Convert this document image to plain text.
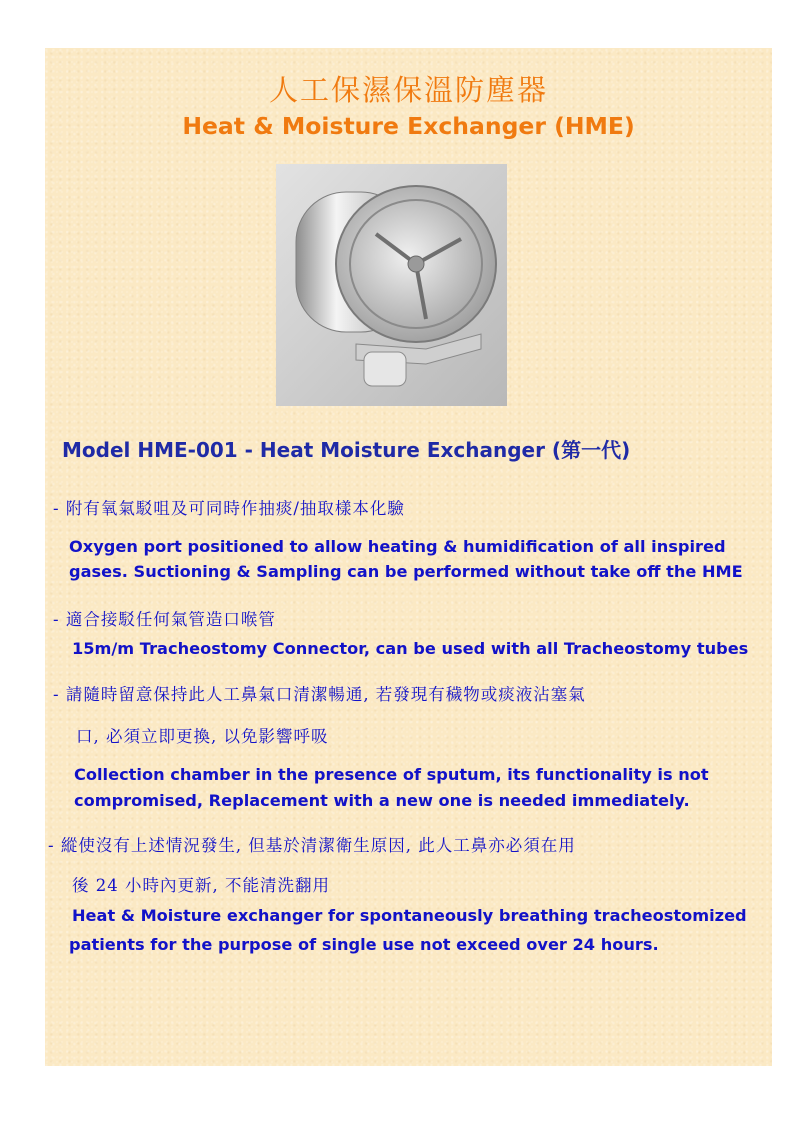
人工保濕保溫防塵器
Heat & Moisture Exchanger (HME)
Model HME-001 - Heat Moisture Exchanger (第一代)
- 附有氧氣駁咀及可同時作抽痰/抽取樣本化驗
Oxygen port positioned to allow heating & humidification of all inspired
gases. Suctioning & Sampling can be performed without take off the HME
- 適合接駁任何氣管造口喉管
15m/m Tracheostomy Connector, can be used with all Tracheostomy tubes
- 請隨時留意保持此人工鼻氣口清潔暢通, 若發現有穢物或痰液沾塞氣
口, 必須立即更換, 以免影響呼吸
Collection chamber in the presence of sputum, its functionality is not
compromised, Replacement with a new one is needed immediately.
- 縱使沒有上述情況發生, 但基於清潔衛生原因, 此人工鼻亦必須在用
後 24 小時內更新, 不能清洗翻用
Heat & Moisture exchanger for spontaneously breathing tracheostomized
patients for the purpose of single use not exceed over 24 hours.
